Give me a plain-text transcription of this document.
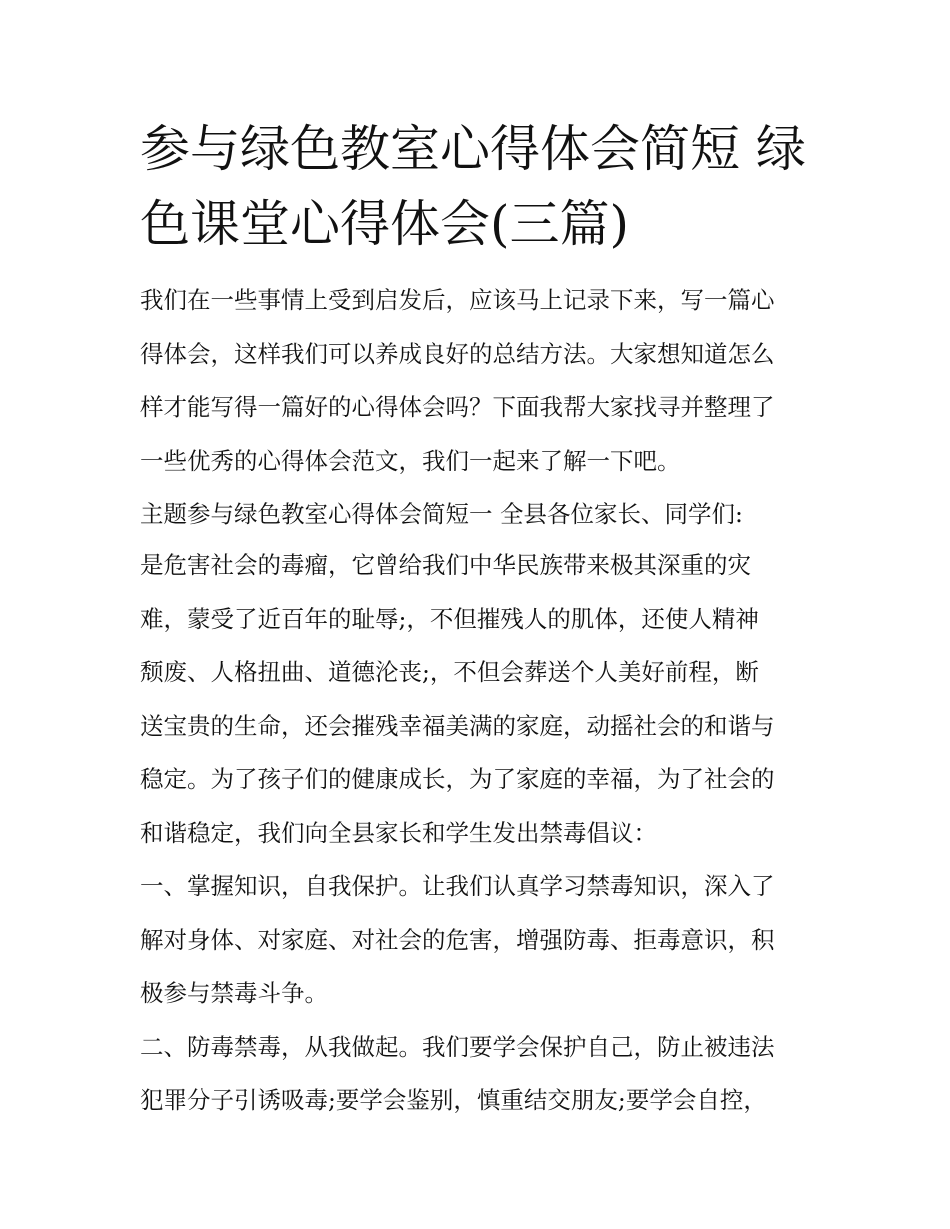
参与绿色教室心得体会简短 绿
色课堂心得体会(三篇)
我们在一些事情上受到启发后，应该马上记录下来，写一篇心
得体会，这样我们可以养成良好的总结方法。大家想知道怎么
样才能写得一篇好的心得体会吗？下面我帮大家找寻并整理了
一些优秀的心得体会范文，我们一起来了解一下吧。
主题参与绿色教室心得体会简短一 全县各位家长、同学们:
是危害社会的毒瘤，它曾给我们中华民族带来极其深重的灾
难，蒙受了近百年的耻辱;，不但摧残人的肌体，还使人精神
颓废、人格扭曲、道德沦丧;，不但会葬送个人美好前程，断
送宝贵的生命，还会摧残幸福美满的家庭，动摇社会的和谐与
稳定。为了孩子们的健康成长，为了家庭的幸福，为了社会的
和谐稳定，我们向全县家长和学生发出禁毒倡议：
一、掌握知识，自我保护。让我们认真学习禁毒知识，深入了
解对身体、对家庭、对社会的危害，增强防毒、拒毒意识，积
极参与禁毒斗争。
二、防毒禁毒，从我做起。我们要学会保护自己，防止被违法
犯罪分子引诱吸毒;要学会鉴别，慎重结交朋友;要学会自控，
